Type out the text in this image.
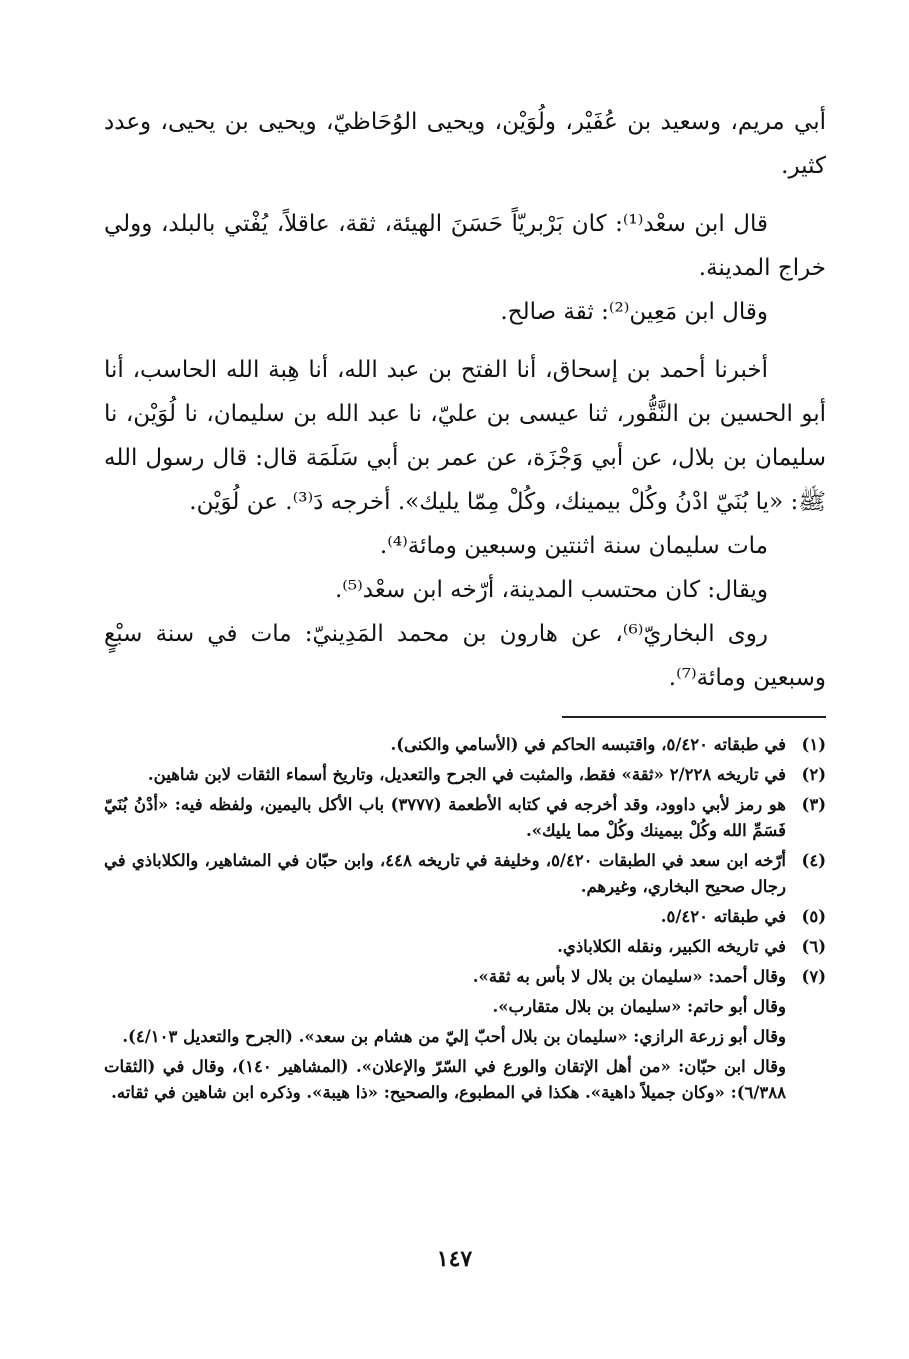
أبي مريم، وسعيد بن عُفَيْر، ولُوَيْن، ويحيى الوُحَاظيّ، ويحيى بن يحيى، وعدد كثير.

قال ابن سعْد⁽¹⁾: كان بَرْبريّاً حَسَنَ الهيئة، ثقة، عاقلاً، يُفْتي بالبلد، وولي خراج المدينة.

وقال ابن مَعِين⁽²⁾: ثقة صالح.

أخبرنا أحمد بن إسحاق، أنا الفتح بن عبد الله، أنا هِبة الله الحاسب، أنا أبو الحسين بن النَّقُّور، ثنا عيسى بن عليّ، نا عبد الله بن سليمان، نا لُوَيْن، نا سليمان بن بلال، عن أبي وَجْزَة، عن عمر بن أبي سَلَمَة قال: قال رسول الله ﷺ: «يا بُنَيّ ادْنُ وكُلْ بيمينك، وكُلْ مِمّا يليك». أخرجه دَ⁽³⁾. عن لُوَيْن.

مات سليمان سنة اثنتين وسبعين ومائة⁽⁴⁾.

ويقال: كان محتسب المدينة، أرّخه ابن سعْد⁽⁵⁾.

روى البخاريّ⁽⁶⁾، عن هارون بن محمد المَدِينيّ: مات في سنة سبْعٍ وسبعين ومائة⁽⁷⁾.

(١)
في طبقاته ٥/٤٢٠، واقتبسه الحاكم في (الأسامي والكنى).
(٢)
في تاريخه ٢/٢٢٨ «ثقة» فقط، والمثبت في الجرح والتعديل، وتاريخ أسماء الثقات لابن شاهين.
(٣)
هو رمز لأبي داوود، وقد أخرجه في كتابه الأطعمة (٣٧٧٧) باب الأكل باليمين، ولفظه فيه: «أدْنُ بُنَيّ فَسَمِّ الله وكُلْ بيمينك وكُلْ مما يليك».
(٤)
أرّخه ابن سعد في الطبقات ٥/٤٢٠، وخليفة في تاريخه ٤٤٨، وابن حبّان في المشاهير، والكلاباذي في رجال صحيح البخاري، وغيرهم.
(٥)
في طبقاته ٥/٤٢٠.
(٦)
في تاريخه الكبير، ونقله الكلاباذي.
(٧)
وقال أحمد: «سليمان بن بلال لا بأس به ثقة».
وقال أبو حاتم: «سليمان بن بلال متقارب».
وقال أبو زرعة الرازي: «سليمان بن بلال أحبّ إليّ من هشام بن سعد». (الجرح والتعديل ٤/١٠٣).
وقال ابن حبّان: «من أهل الإتقان والورع في السّرّ والإعلان». (المشاهير ١٤٠)، وقال في (الثقات ٦/٣٨٨): «وكان جميلاً داهية». هكذا في المطبوع، والصحيح: «ذا هيبة». وذكره ابن شاهين في ثقاته.
١٤٧
